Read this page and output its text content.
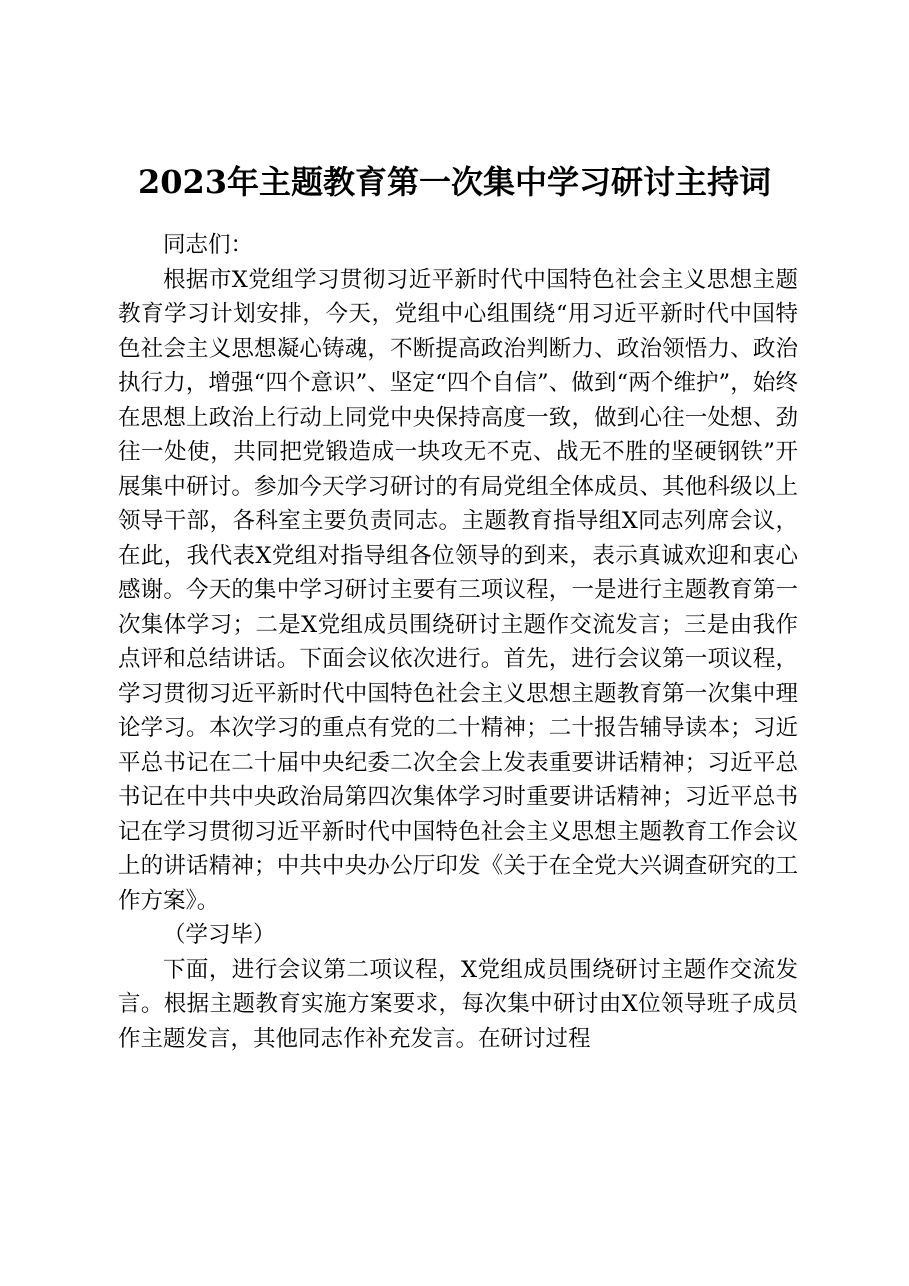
2023年主题教育第一次集中学习研讨主持词

同志们：

根据市X党组学习贯彻习近平新时代中国特色社会主义思想主题教育学习计划安排，今天，党组中心组围绕“用习近平新时代中国特色社会主义思想凝心铸魂，不断提高政治判断力、政治领悟力、政治执行力，增强“四个意识”、坚定“四个自信”、做到“两个维护”，始终在思想上政治上行动上同党中央保持高度一致，做到心往一处想、劲往一处使，共同把党锻造成一块攻无不克、战无不胜的坚硬钢铁”开展集中研讨。参加今天学习研讨的有局党组全体成员、其他科级以上领导干部，各科室主要负责同志。主题教育指导组X同志列席会议，在此，我代表X党组对指导组各位领导的到来，表示真诚欢迎和衷心感谢。今天的集中学习研讨主要有三项议程，一是进行主题教育第一次集体学习；二是X党组成员围绕研讨主题作交流发言；三是由我作点评和总结讲话。下面会议依次进行。首先，进行会议第一项议程，学习贯彻习近平新时代中国特色社会主义思想主题教育第一次集中理论学习。本次学习的重点有党的二十精神；二十报告辅导读本；习近平总书记在二十届中央纪委二次全会上发表重要讲话精神；习近平总书记在中共中央政治局第四次集体学习时重要讲话精神；习近平总书记在学习贯彻习近平新时代中国特色社会主义思想主题教育工作会议上的讲话精神；中共中央办公厅印发《关于在全党大兴调查研究的工作方案》。

（学习毕）

下面，进行会议第二项议程，X党组成员围绕研讨主题作交流发言。根据主题教育实施方案要求，每次集中研讨由X位领导班子成员作主题发言，其他同志作补充发言。在研讨过程
